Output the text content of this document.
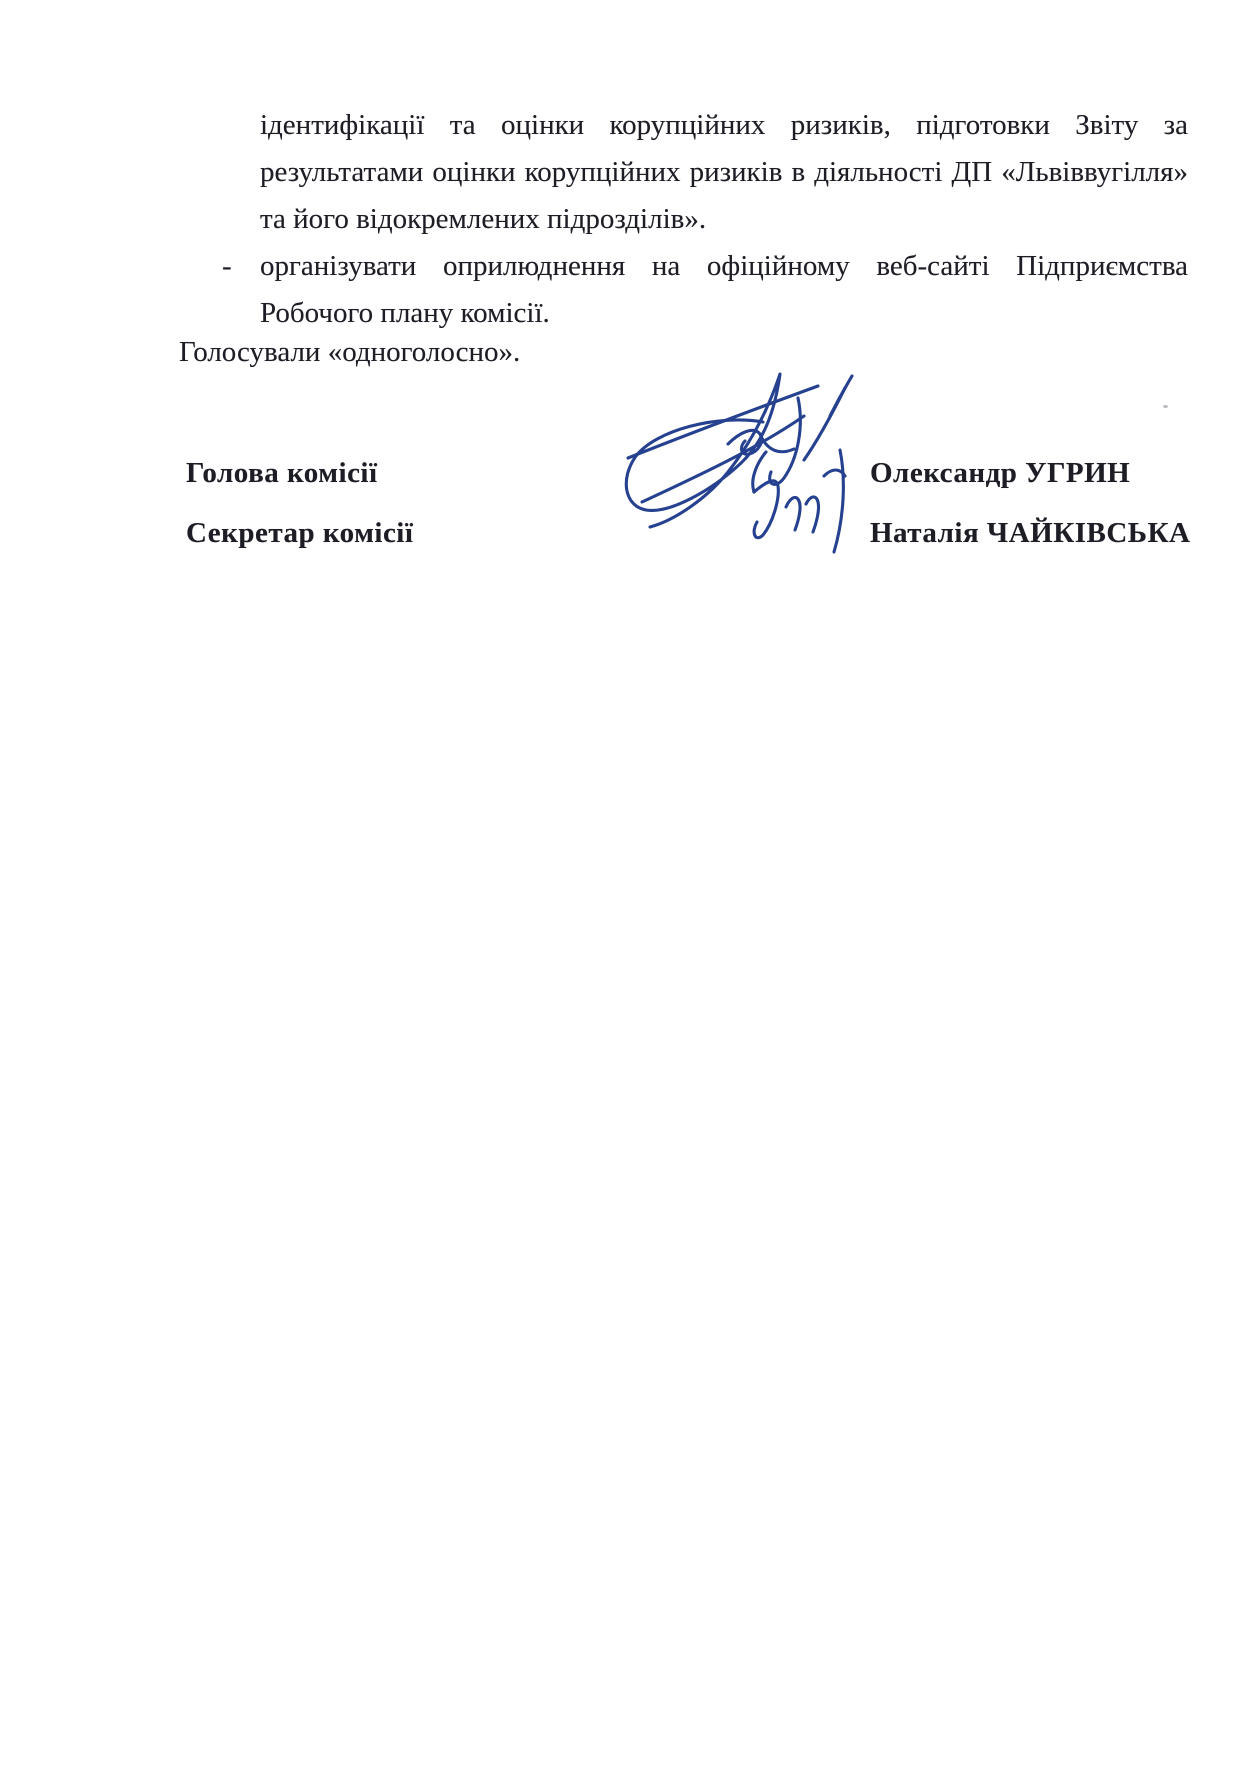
ідентифікації та оцінки корупційних ризиків, підготовки Звіту за
результатами оцінки корупційних ризиків в діяльності ДП «Львіввугілля»
та його відокремлених підрозділів».
- організувати оприлюднення на офіційному веб-сайті Підприємства
Робочого плану комісії.
Голосували «одноголосно».
Голова комісії	Олександр УГРИН
Секретар комісії	Наталія ЧАЙКІВСЬКА
